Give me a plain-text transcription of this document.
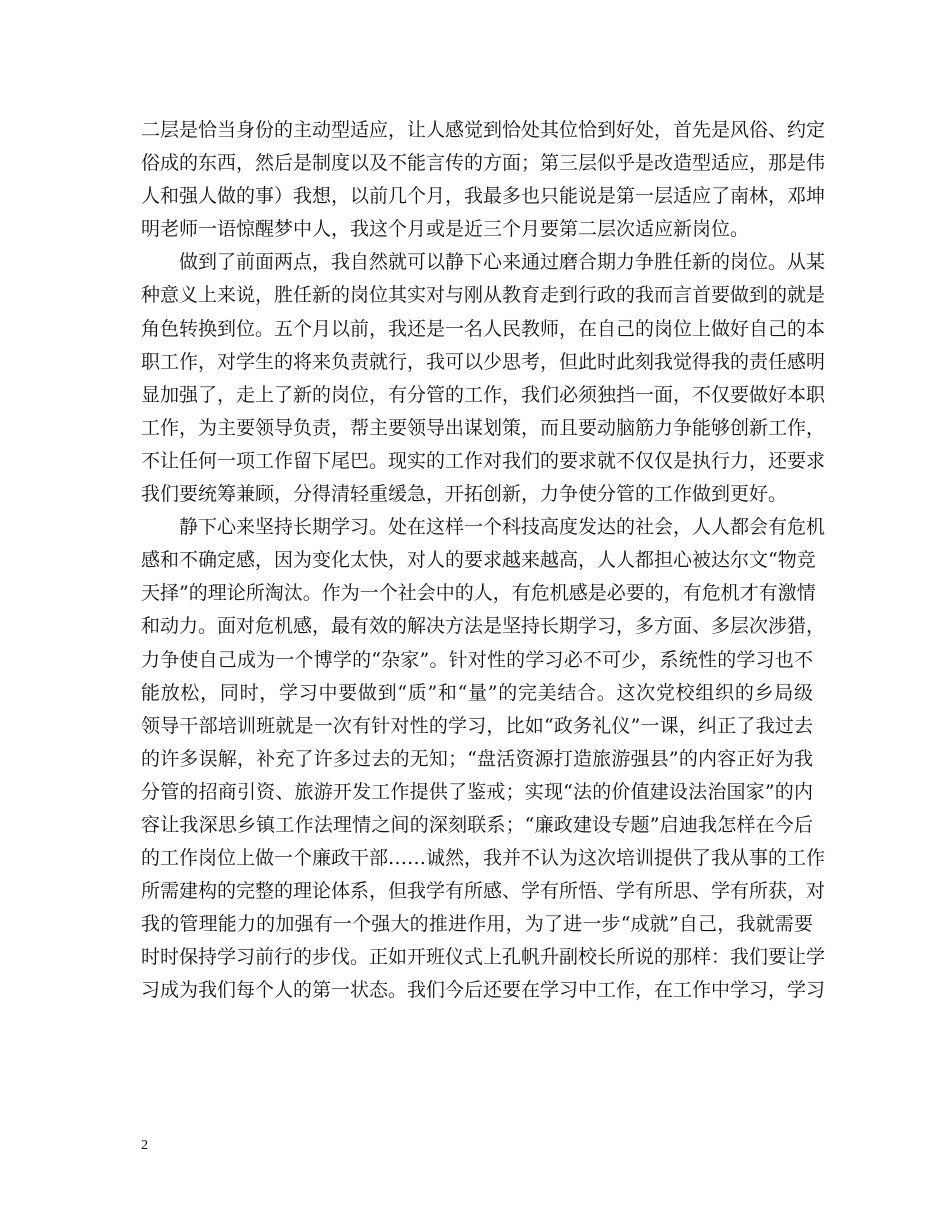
二层是恰当身份的主动型适应，让人感觉到恰处其位恰到好处，首先是风俗、约定
俗成的东西，然后是制度以及不能言传的方面；第三层似乎是改造型适应，那是伟
人和强人做的事）我想，以前几个月，我最多也只能说是第一层适应了南林，邓坤
明老师一语惊醒梦中人，我这个月或是近三个月要第二层次适应新岗位。
做到了前面两点，我自然就可以静下心来通过磨合期力争胜任新的岗位。从某
种意义上来说，胜任新的岗位其实对与刚从教育走到行政的我而言首要做到的就是
角色转换到位。五个月以前，我还是一名人民教师，在自己的岗位上做好自己的本
职工作，对学生的将来负责就行，我可以少思考，但此时此刻我觉得我的责任感明
显加强了，走上了新的岗位，有分管的工作，我们必须独挡一面，不仅要做好本职
工作，为主要领导负责，帮主要领导出谋划策，而且要动脑筋力争能够创新工作，
不让任何一项工作留下尾巴。现实的工作对我们的要求就不仅仅是执行力，还要求
我们要统筹兼顾，分得清轻重缓急，开拓创新，力争使分管的工作做到更好。
静下心来坚持长期学习。处在这样一个科技高度发达的社会，人人都会有危机
感和不确定感，因为变化太快，对人的要求越来越高，人人都担心被达尔文“物竞
天择”的理论所淘汰。作为一个社会中的人，有危机感是必要的，有危机才有激情
和动力。面对危机感，最有效的解决方法是坚持长期学习，多方面、多层次涉猎，
力争使自己成为一个博学的“杂家”。针对性的学习必不可少，系统性的学习也不
能放松，同时，学习中要做到“质”和“量”的完美结合。这次党校组织的乡局级
领导干部培训班就是一次有针对性的学习，比如“政务礼仪”一课，纠正了我过去
的许多误解，补充了许多过去的无知；“盘活资源打造旅游强县”的内容正好为我
分管的招商引资、旅游开发工作提供了鉴戒；实现“法的价值建设法治国家”的内
容让我深思乡镇工作法理情之间的深刻联系；“廉政建设专题”启迪我怎样在今后
的工作岗位上做一个廉政干部……诚然，我并不认为这次培训提供了我从事的工作
所需建构的完整的理论体系，但我学有所感、学有所悟、学有所思、学有所获，对
我的管理能力的加强有一个强大的推进作用，为了进一步“成就”自己，我就需要
时时保持学习前行的步伐。正如开班仪式上孔帆升副校长所说的那样：我们要让学
习成为我们每个人的第一状态。我们今后还要在学习中工作，在工作中学习，学习
2
